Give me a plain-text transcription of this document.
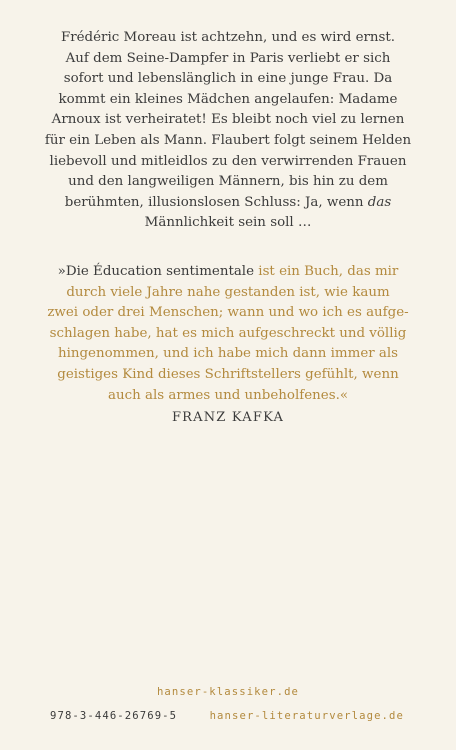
Frédéric Moreau ist achtzehn, und es wird ernst.
Auf dem Seine-Dampfer in Paris verliebt er sich
sofort und lebenslänglich in eine junge Frau. Da
kommt ein kleines Mädchen angelaufen: Madame
Arnoux ist verheiratet! Es bleibt noch viel zu lernen
für ein Leben als Mann. Flaubert folgt seinem Helden
liebevoll und mitleidlos zu den verwirrenden Frauen
und den langweiligen Männern, bis hin zu dem
berühmten, illusionslosen Schluss: Ja, wenn das
Männlichkeit sein soll …
»Die Éducation sentimentale ist ein Buch, das mir
durch viele Jahre nahe gestanden ist, wie kaum
zwei oder drei Menschen; wann und wo ich es aufge-
schlagen habe, hat es mich aufgeschreckt und völlig
hingenommen, und ich habe mich dann immer als
geistiges Kind dieses Schriftstellers gefühlt, wenn
auch als armes und unbeholfenes.«
FRANZ KAFKA
hanser-klassiker.de
978-3-446-26769-5	hanser-literaturverlage.de
